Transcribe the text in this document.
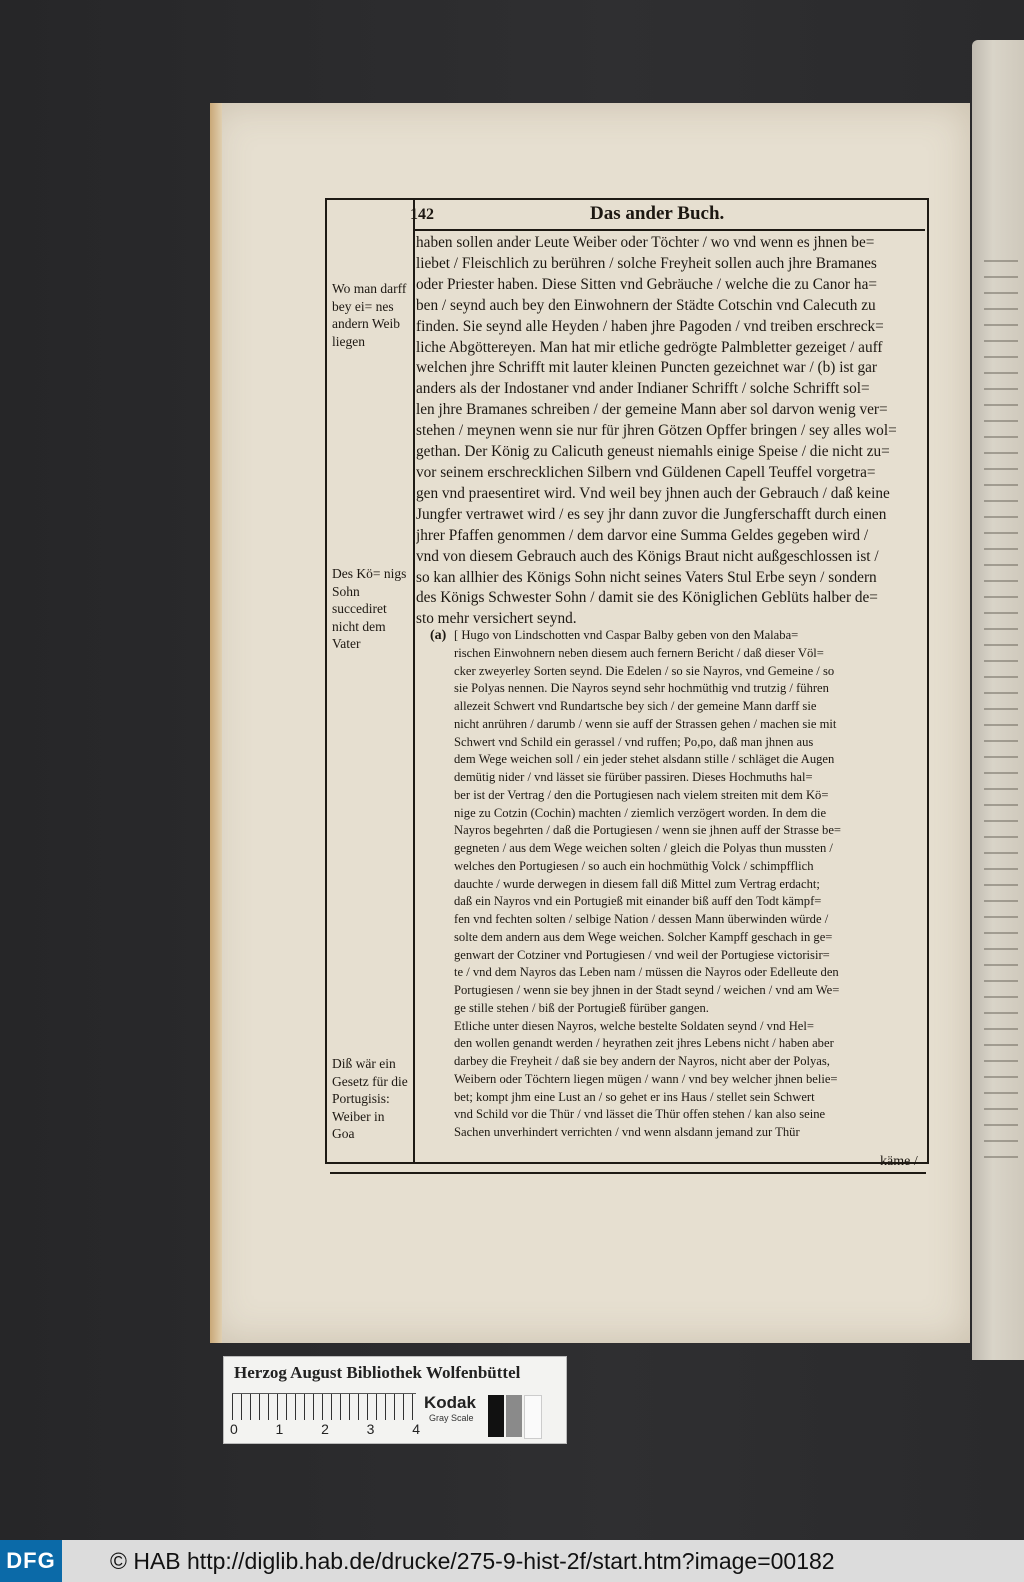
142	Das ander Buch.
haben sollen ander Leute Weiber oder Töchter / wo vnd wenn es jhnen be=
liebet / Fleischlich zu berühren / solche Freyheit sollen auch jhre Bramanes
oder Priester haben. Diese Sitten vnd Gebräuche / welche die zu Canor ha=
ben / seynd auch bey den Einwohnern der Städte Cotschin vnd Calecuth zu
finden. Sie seynd alle Heyden / haben jhre Pagoden / vnd treiben erschreck=
liche Abgöttereyen. Man hat mir etliche gedrögte Palmbletter gezeiget / auff
welchen jhre Schrifft mit lauter kleinen Puncten gezeichnet war / (b) ist gar
anders als der Indostaner vnd ander Indianer Schrifft / solche Schrifft sol=
len jhre Bramanes schreiben / der gemeine Mann aber sol darvon wenig ver=
stehen / meynen wenn sie nur für jhren Götzen Opffer bringen / sey alles wol=
gethan. Der König zu Calicuth geneust niemahls einige Speise / die nicht zu=
vor seinem erschrecklichen Silbern vnd Güldenen Capell Teuffel vorgetra=
gen vnd praesentiret wird. Vnd weil bey jhnen auch der Gebrauch / daß keine
Jungfer vertrawet wird / es sey jhr dann zuvor die Jungferschafft durch einen
jhrer Pfaffen genommen / dem darvor eine Summa Geldes gegeben wird /
vnd von diesem Gebrauch auch des Königs Braut nicht außgeschlossen ist /
so kan allhier des Königs Sohn nicht seines Vaters Stul Erbe seyn / sondern
des Königs Schwester Sohn / damit sie des Königlichen Geblüts halber de=
sto mehr versichert seynd.
(a) [ Hugo von Lindschotten vnd Caspar Balby geben von den Malaba=
rischen Einwohnern neben diesem auch fernern Bericht / daß dieser Völ=
cker zweyerley Sorten seynd. Die Edelen / so sie Nayros, vnd Gemeine / so
sie Polyas nennen. Die Nayros seynd sehr hochmüthig vnd trutzig / führen
allezeit Schwert vnd Rundartsche bey sich / der gemeine Mann darff sie
nicht anrühren / darumb / wenn sie auff der Strassen gehen / machen sie mit
Schwert vnd Schild ein gerassel / vnd ruffen; Po,po, daß man jhnen aus
dem Wege weichen soll / ein jeder stehet alsdann stille / schläget die Augen
demütig nider / vnd lässet sie fürüber passiren. Dieses Hochmuths hal=
ber ist der Vertrag / den die Portugiesen nach vielem streiten mit dem Kö=
nige zu Cotzin (Cochin) machten / ziemlich verzögert worden. In dem die
Nayros begehrten / daß die Portugiesen / wenn sie jhnen auff der Strasse be=
gegneten / aus dem Wege weichen solten / gleich die Polyas thun mussten /
welches den Portugiesen / so auch ein hochmüthig Volck / schimpfflich
dauchte / wurde derwegen in diesem fall diß Mittel zum Vertrag erdacht;
daß ein Nayros vnd ein Portugieß mit einander biß auff den Todt kämpf=
fen vnd fechten solten / selbige Nation / dessen Mann überwinden würde /
solte dem andern aus dem Wege weichen. Solcher Kampff geschach in ge=
genwart der Cotziner vnd Portugiesen / vnd weil der Portugiese victorisir=
te / vnd dem Nayros das Leben nam / müssen die Nayros oder Edelleute den
Portugiesen / wenn sie bey jhnen in der Stadt seynd / weichen / vnd am We=
ge stille stehen / biß der Portugieß fürüber gangen.
Etliche unter diesen Nayros, welche bestelte Soldaten seynd / vnd Hel=
den wollen genandt werden / heyrathen zeit jhres Lebens nicht / haben aber
darbey die Freyheit / daß sie bey andern der Nayros, nicht aber der Polyas,
Weibern oder Töchtern liegen mügen / wann / vnd bey welcher jhnen belie=
bet; kompt jhm eine Lust an / so gehet er ins Haus / stellet sein Schwert
vnd Schild vor die Thür / vnd lässet die Thür offen stehen / kan also seine
Sachen unverhindert verrichten / vnd wenn alsdann jemand zur Thür
Wo man darff bey ei= nes andern Weib liegen
Des Kö= nigs Sohn succediret nicht dem Vater
Diß wär ein Gesetz für die Portugisis: Weiber in Goa
käme /
Herzog August Bibliothek Wolfenbüttel
0	1	2	3	4
Kodak
Gray Scale
DFG © HAB http://diglib.hab.de/drucke/275-9-hist-2f/start.htm?image=00182
